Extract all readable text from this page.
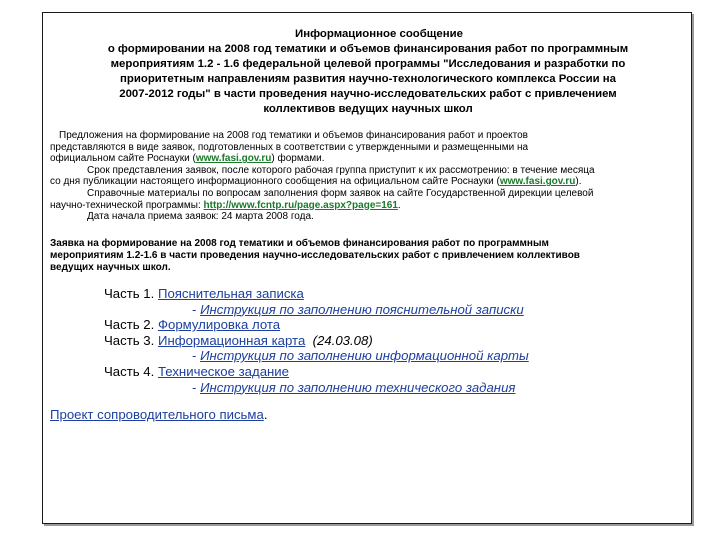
Информационное сообщение
о формировании на 2008 год тематики и объемов финансирования работ по программным
мероприятиям 1.2 - 1.6 федеральной целевой программы "Исследования и разработки по
приоритетным направлениям развития научно-технологического комплекса России на
2007-2012 годы" в части проведения научно-исследовательских работ с привлечением
коллективов ведущих научных школ

Предложения на формирование на 2008 год тематики и объемов финансирования работ и проектов

представляются в виде заявок, подготовленных в соответствии с утвержденными и размещенными на

официальном сайте Роснауки (www.fasi.gov.ru) формами.

Срок представления заявок, после которого рабочая группа приступит к их рассмотрению: в течение месяца

со дня публикации настоящего информационного сообщения на официальном сайте Роснауки (www.fasi.gov.ru).

Справочные материалы по вопросам заполнения форм заявок на сайте Государственной дирекции целевой

научно-технической программы: http://www.fcntp.ru/page.aspx?page=161.

Дата начала приема заявок: 24 марта 2008 года.

Заявка на формирование на 2008 год тематики и объемов финансирования работ по программным
мероприятиям 1.2-1.6 в части проведения научно-исследовательских работ с привлечением коллективов
ведущих научных школ.
Часть 1. Пояснительная записка
- Инструкция по заполнению пояснительной записки
Часть 2. Формулировка лота
Часть 3. Информационная карта (24.03.08)
- Инструкция по заполнению информационной карты
Часть 4. Техническое задание
- Инструкция по заполнению технического задания
Проект сопроводительного письма.
